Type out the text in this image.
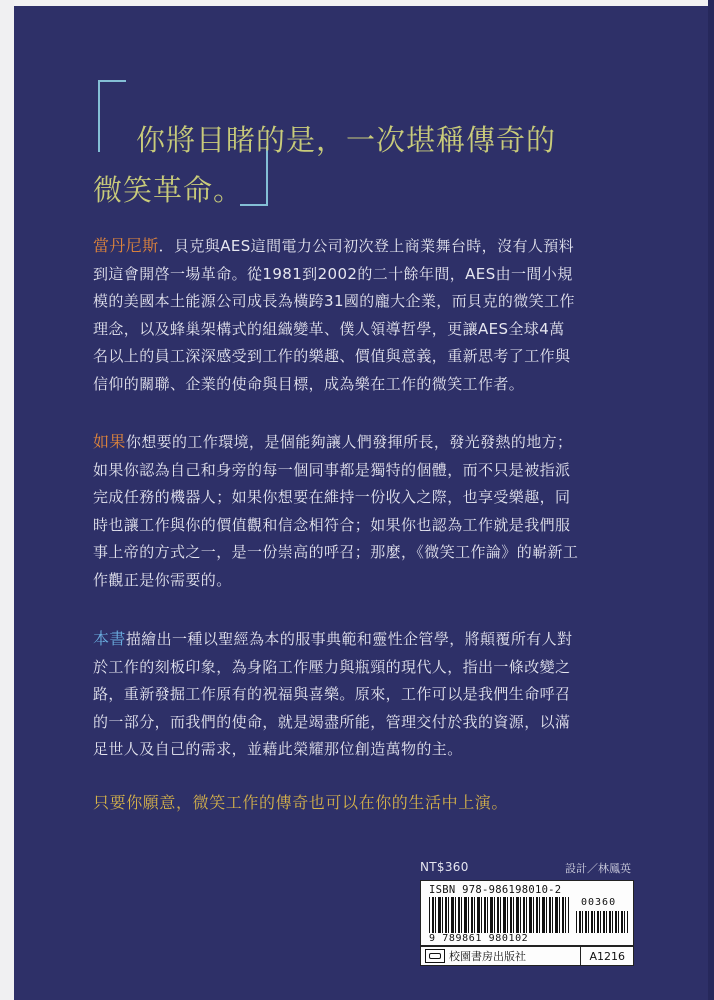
你將目睹的是，一次堪稱傳奇的
微笑革命。
當丹尼斯．貝克與AES這間電力公司初次登上商業舞台時，沒有人預料
到這會開啓一場革命。從1981到2002的二十餘年間，AES由一間小規
模的美國本土能源公司成長為橫跨31國的龐大企業，而貝克的微笑工作
理念，以及蜂巢架構式的組織變革、僕人領導哲學，更讓AES全球4萬
名以上的員工深深感受到工作的樂趣、價值與意義，重新思考了工作與
信仰的關聯、企業的使命與目標，成為樂在工作的微笑工作者。
如果你想要的工作環境，是個能夠讓人們發揮所長，發光發熱的地方；
如果你認為自己和身旁的每一個同事都是獨特的個體，而不只是被指派
完成任務的機器人；如果你想要在維持一份收入之際，也享受樂趣，同
時也讓工作與你的價值觀和信念相符合；如果你也認為工作就是我們服
事上帝的方式之一，是一份崇高的呼召；那麼，《微笑工作論》的嶄新工
作觀正是你需要的。
本書描繪出一種以聖經為本的服事典範和靈性企管學，將顛覆所有人對
於工作的刻板印象，為身陷工作壓力與瓶頸的現代人，指出一條改變之
路，重新發掘工作原有的祝福與喜樂。原來，工作可以是我們生命呼召
的一部分，而我們的使命，就是竭盡所能，管理交付於我的資源，以滿
足世人及自己的需求，並藉此榮耀那位創造萬物的主。
只要你願意，微笑工作的傳奇也可以在你的生活中上演。
NT$360	設計／林鳳英
ISBN 978-986198010-2
00360
9 789861 980102
校園書房出版社	A1216
